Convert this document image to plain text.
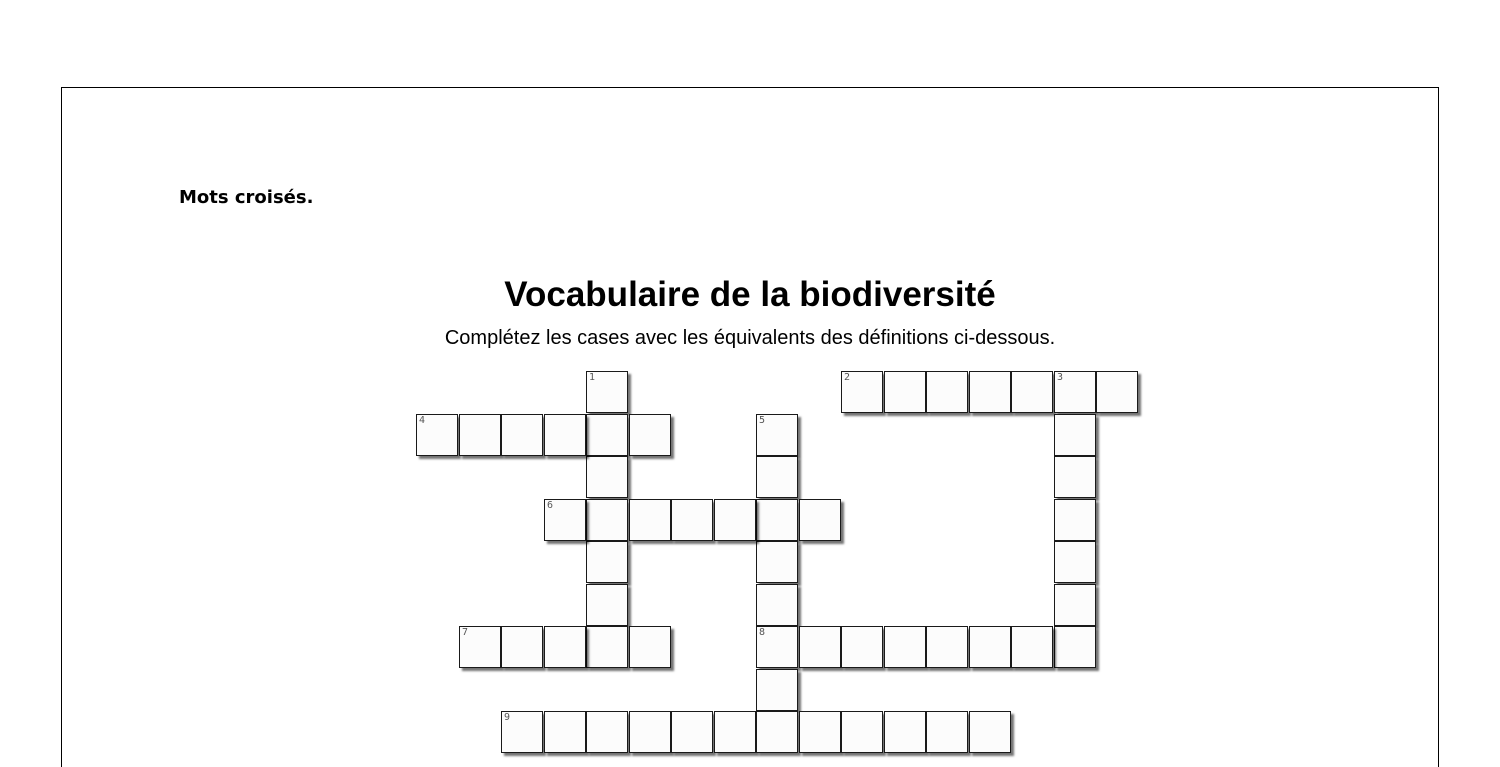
Mots croisés.
Vocabulaire de la biodiversité
Complétez les cases avec les équivalents des définitions ci-dessous.
1	2	3
4	5
8
6
7
9
